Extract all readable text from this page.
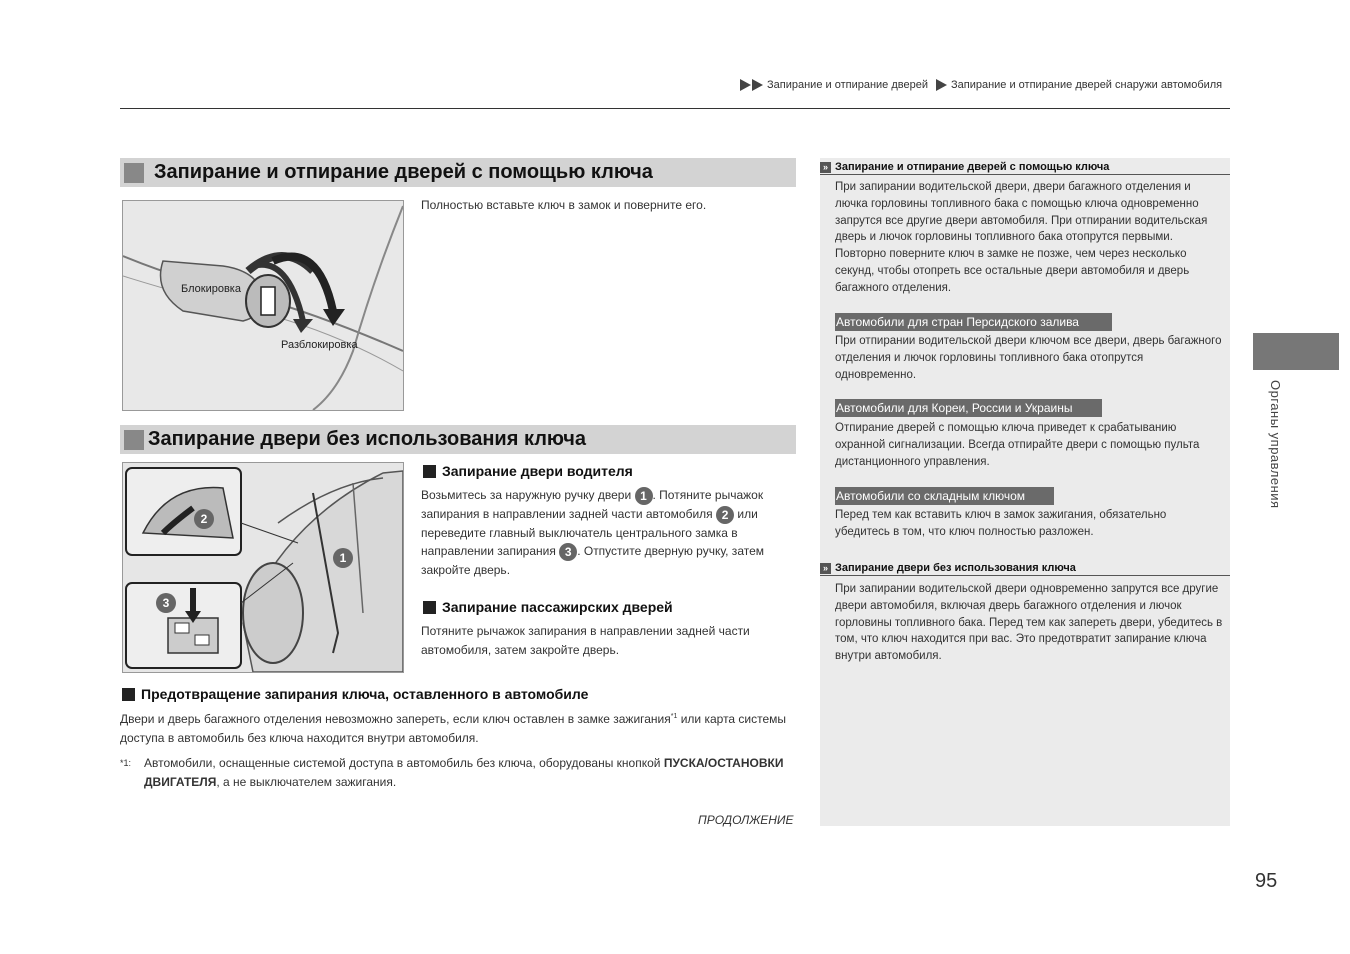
Запирание и отпирание дверей Запирание и отпирание дверей снаружи автомобиля
Запирание и отпирание дверей с помощью ключа
Блокировка
Разблокировка
Полностью вставьте ключ в замок и поверните его.
Запирание двери без использования ключа
2
1
3
Запирание двери водителя
Возьмитесь за наружную ручку двери 1 . Потяните рычажок запирания в направлении задней части автомобиля 2 или переведите главный выключатель центрального замка в направлении запирания 3 . Отпустите дверную ручку, затем закройте дверь.
Запирание пассажирских дверей
Потяните рычажок запирания в направлении задней части автомобиля, затем закройте дверь.
Предотвращение запирания ключа, оставленного в автомобиле
Двери и дверь багажного отделения невозможно запереть, если ключ оставлен в замке зажигания$^{*1}$ или карта системы доступа в автомобиль без ключа находится внутри автомобиля.
*1: Автомобили, оснащенные системой доступа в автомобиль без ключа, оборудованы кнопкой ПУСКА/ОСТАНОВКИ ДВИГАТЕЛЯ, а не выключателем зажигания.
ПРОДОЛЖЕНИЕ
» Запирание и отпирание дверей с помощью ключа
При запирании водительской двери, двери багажного отделения и лючка горловины топливного бака с помощью ключа одновременно запрутся все другие двери автомобиля. При отпирании водительская дверь и лючок горловины топливного бака отопрутся первыми. Повторно поверните ключ в замке не позже, чем через несколько секунд, чтобы отопреть все остальные двери автомобиля и дверь багажного отделения.
Автомобили для стран Персидского залива
При отпирании водительской двери ключом все двери, дверь багажного отделения и лючок горловины топливного бака отопрутся одновременно.
Автомобили для Кореи, России и Украины
Отпирание дверей с помощью ключа приведет к срабатыванию охранной сигнализации. Всегда отпирайте двери с помощью пульта дистанционного управления.
Автомобили со складным ключом
Перед тем как вставить ключ в замок зажигания, обязательно убедитесь в том, что ключ полностью разложен.
» Запирание двери без использования ключа
При запирании водительской двери одновременно запрутся все другие двери автомобиля, включая дверь багажного отделения и лючок горловины топливного бака. Перед тем как запереть двери, убедитесь в том, что ключ находится при вас. Это предотвратит запирание ключа внутри автомобиля.
Органы управления
95
